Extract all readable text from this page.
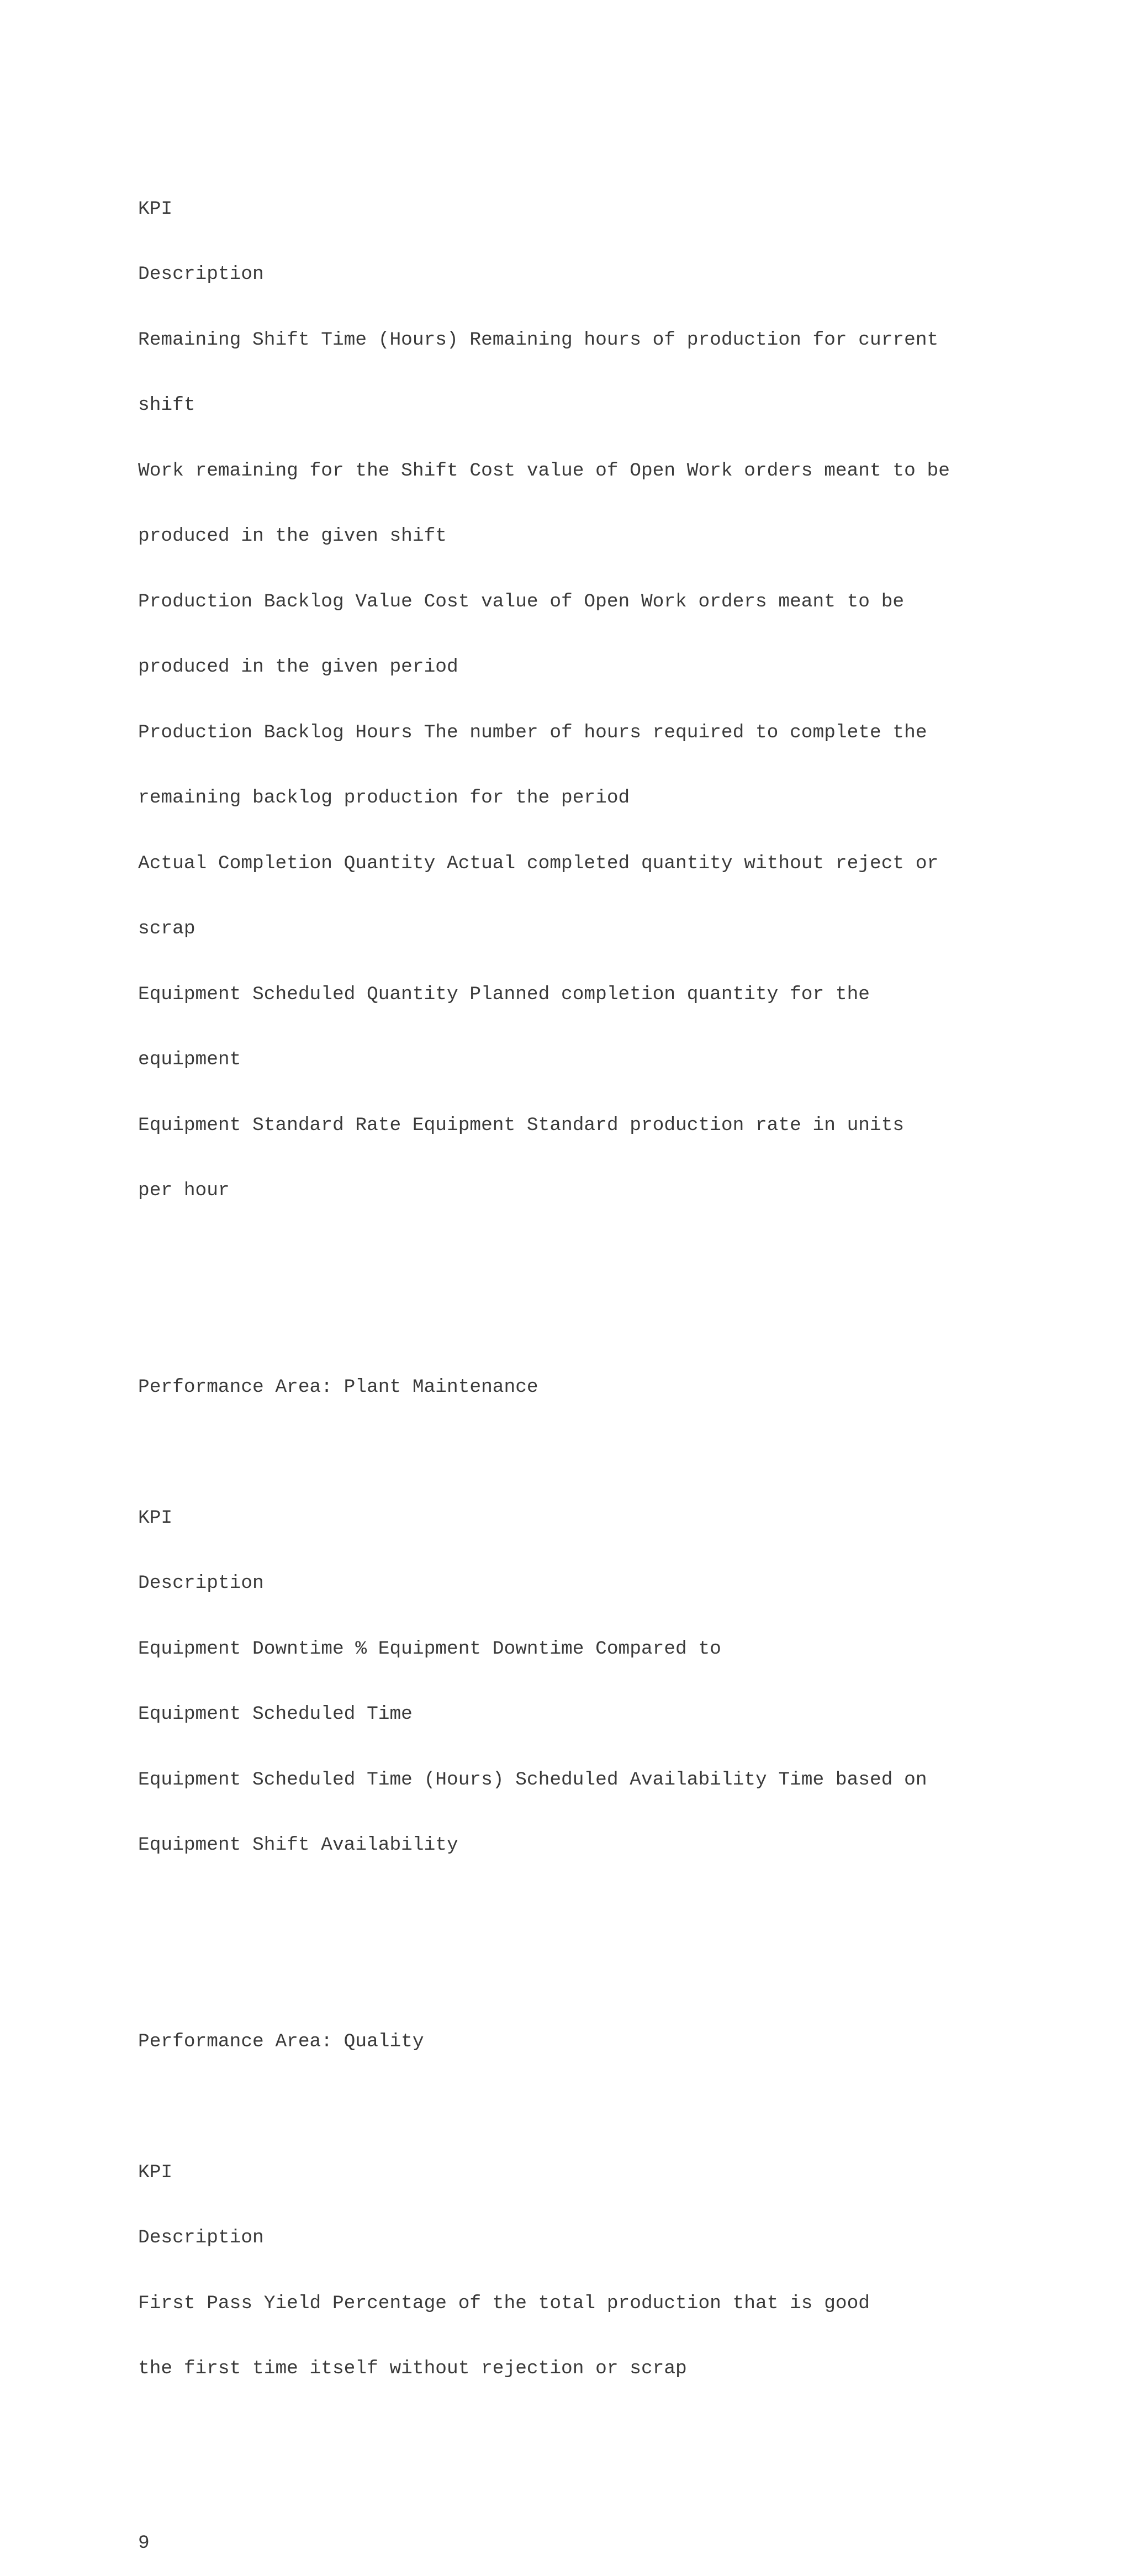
KPI

Description

Remaining Shift Time (Hours) Remaining hours of production for current

shift

Work remaining for the Shift Cost value of Open Work orders meant to be

produced in the given shift

Production Backlog Value Cost value of Open Work orders meant to be

produced in the given period

Production Backlog Hours The number of hours required to complete the

remaining backlog production for the period

Actual Completion Quantity Actual completed quantity without reject or

scrap

Equipment Scheduled Quantity Planned completion quantity for the

equipment

Equipment Standard Rate Equipment Standard production rate in units

per hour

Performance Area: Plant Maintenance

KPI

Description

Equipment Downtime % Equipment Downtime Compared to

Equipment Scheduled Time

Equipment Scheduled Time (Hours) Scheduled Availability Time based on

Equipment Shift Availability

Performance Area: Quality

KPI

Description

First Pass Yield Percentage of the total production that is good

the first time itself without rejection or scrap

9
